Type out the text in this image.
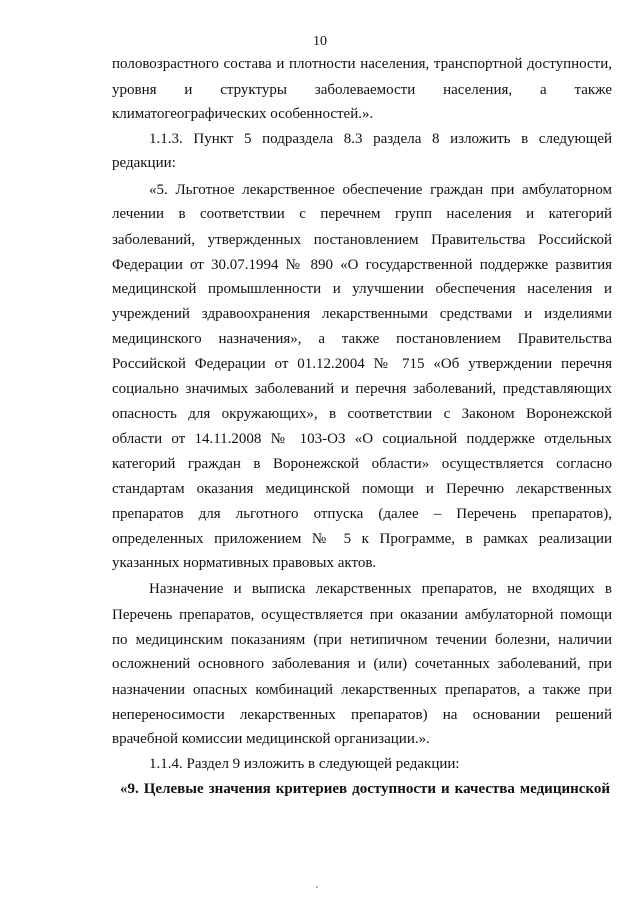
10
половозрастного состава и плотности населения, транспортной доступности,
уровня и структуры заболеваемости населения, а также
климатогеографических особенностей.».
1.1.3. Пункт 5 подраздела 8.3 раздела 8 изложить в следующей
редакции:
«5. Льготное лекарственное обеспечение граждан при амбулаторном
лечении в соответствии с перечнем групп населения и категорий
заболеваний, утвержденных постановлением Правительства Российской
Федерации от 30.07.1994 № 890 «О государственной поддержке развития
медицинской промышленности и улучшении обеспечения населения и
учреждений здравоохранения лекарственными средствами и изделиями
медицинского назначения», а также постановлением Правительства
Российской Федерации от 01.12.2004 № 715 «Об утверждении перечня
социально значимых заболеваний и перечня заболеваний, представляющих
опасность для окружающих», в соответствии с Законом Воронежской
области от 14.11.2008 № 103-ОЗ «О социальной поддержке отдельных
категорий граждан в Воронежской области» осуществляется согласно
стандартам оказания медицинской помощи и Перечню лекарственных
препаратов для льготного отпуска (далее – Перечень препаратов),
определенных приложением № 5 к Программе, в рамках реализации
указанных нормативных правовых актов.
Назначение и выписка лекарственных препаратов, не входящих в
Перечень препаратов, осуществляется при оказании амбулаторной помощи
по медицинским показаниям (при нетипичном течении болезни, наличии
осложнений основного заболевания и (или) сочетанных заболеваний, при
назначении опасных комбинаций лекарственных препаратов, а также при
непереносимости лекарственных препаратов) на основании решений
врачебной комиссии медицинской организации.».
1.1.4. Раздел 9 изложить в следующей редакции:
«9. Целевые значения критериев доступности и качества медицинской
